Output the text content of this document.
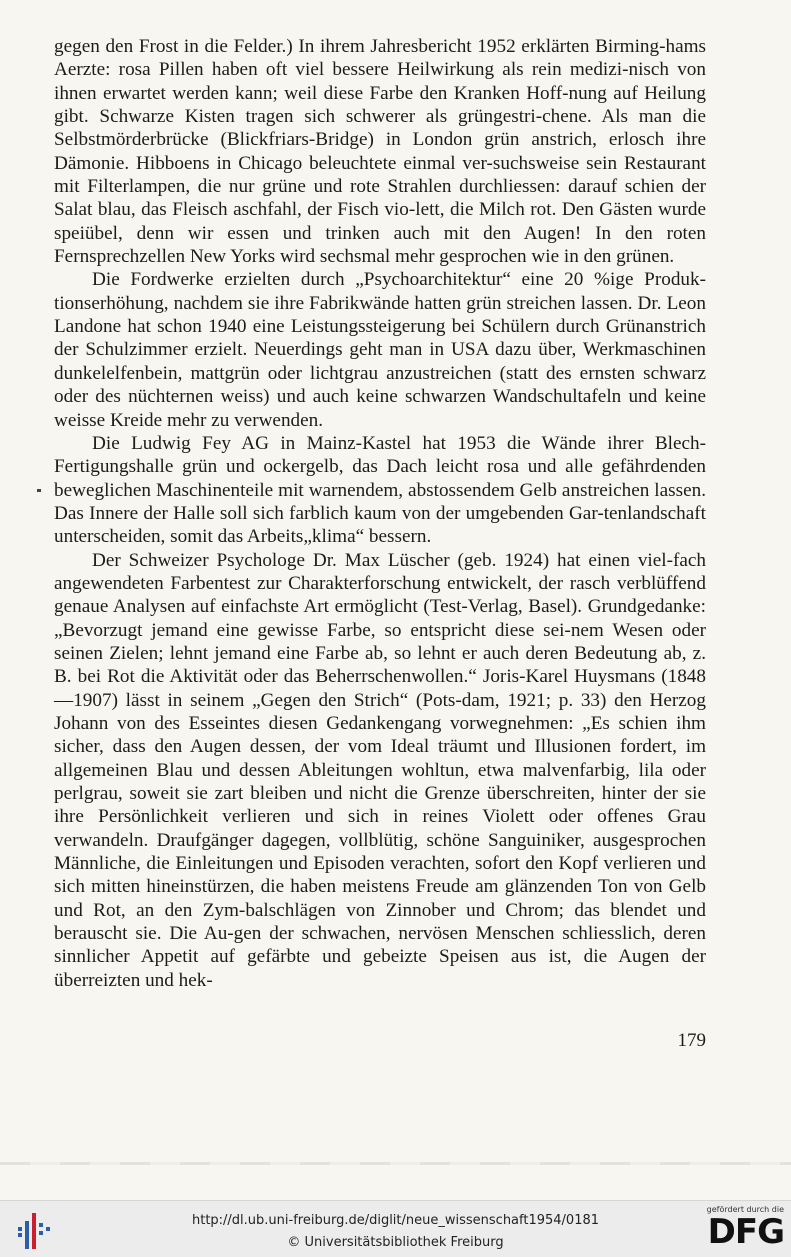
gegen den Frost in die Felder.) In ihrem Jahresbericht 1952 erklärten Birming-hams Aerzte: rosa Pillen haben oft viel bessere Heilwirkung als rein medizi-nisch von ihnen erwartet werden kann; weil diese Farbe den Kranken Hoff-nung auf Heilung gibt. Schwarze Kisten tragen sich schwerer als grüngestri-chene. Als man die Selbstmörderbrücke (Blickfriars-Bridge) in London grün anstrich, erlosch ihre Dämonie. Hibboens in Chicago beleuchtete einmal ver-suchsweise sein Restaurant mit Filterlampen, die nur grüne und rote Strahlen durchliessen: darauf schien der Salat blau, das Fleisch aschfahl, der Fisch vio-lett, die Milch rot. Den Gästen wurde speiübel, denn wir essen und trinken auch mit den Augen! In den roten Fernsprechzellen New Yorks wird sechsmal mehr gesprochen wie in den grünen.

Die Fordwerke erzielten durch „Psychoarchitektur“ eine 20 %ige Produk-tionserhöhung, nachdem sie ihre Fabrikwände hatten grün streichen lassen. Dr. Leon Landone hat schon 1940 eine Leistungssteigerung bei Schülern durch Grünanstrich der Schulzimmer erzielt. Neuerdings geht man in USA dazu über, Werkmaschinen dunkelelfenbein, mattgrün oder lichtgrau anzustreichen (statt des ernsten schwarz oder des nüchternen weiss) und auch keine schwarzen Wandschultafeln und keine weisse Kreide mehr zu verwenden.

Die Ludwig Fey AG in Mainz-Kastel hat 1953 die Wände ihrer Blech-Fertigungshalle grün und ockergelb, das Dach leicht rosa und alle gefährdenden beweglichen Maschinenteile mit warnendem, abstossendem Gelb anstreichen lassen. Das Innere der Halle soll sich farblich kaum von der umgebenden Gar-tenlandschaft unterscheiden, somit das Arbeits„klima“ bessern.

Der Schweizer Psychologe Dr. Max Lüscher (geb. 1924) hat einen viel-fach angewendeten Farbentest zur Charakterforschung entwickelt, der rasch verblüffend genaue Analysen auf einfachste Art ermöglicht (Test-Verlag, Basel). Grundgedanke: „Bevorzugt jemand eine gewisse Farbe, so entspricht diese sei-nem Wesen oder seinen Zielen; lehnt jemand eine Farbe ab, so lehnt er auch deren Bedeutung ab, z. B. bei Rot die Aktivität oder das Beherrschenwollen.“ Joris-Karel Huysmans (1848—1907) lässt in seinem „Gegen den Strich“ (Pots-dam, 1921; p. 33) den Herzog Johann von des Esseintes diesen Gedankengang vorwegnehmen: „Es schien ihm sicher, dass den Augen dessen, der vom Ideal träumt und Illusionen fordert, im allgemeinen Blau und dessen Ableitungen wohltun, etwa malvenfarbig, lila oder perlgrau, soweit sie zart bleiben und nicht die Grenze überschreiten, hinter der sie ihre Persönlichkeit verlieren und sich in reines Violett oder offenes Grau verwandeln. Draufgänger dagegen, vollblütig, schöne Sanguiniker, ausgesprochen Männliche, die Einleitungen und Episoden verachten, sofort den Kopf verlieren und sich mitten hineinstürzen, die haben meistens Freude am glänzenden Ton von Gelb und Rot, an den Zym-balschlägen von Zinnober und Chrom; das blendet und berauscht sie. Die Au-gen der schwachen, nervösen Menschen schliesslich, deren sinnlicher Appetit auf gefärbte und gebeizte Speisen aus ist, die Augen der überreizten und hek-

179
http://dl.ub.uni-freiburg.de/diglit/neue_wissenschaft1954/0181
© Universitätsbibliothek Freiburg
gefördert durch die
DFG
